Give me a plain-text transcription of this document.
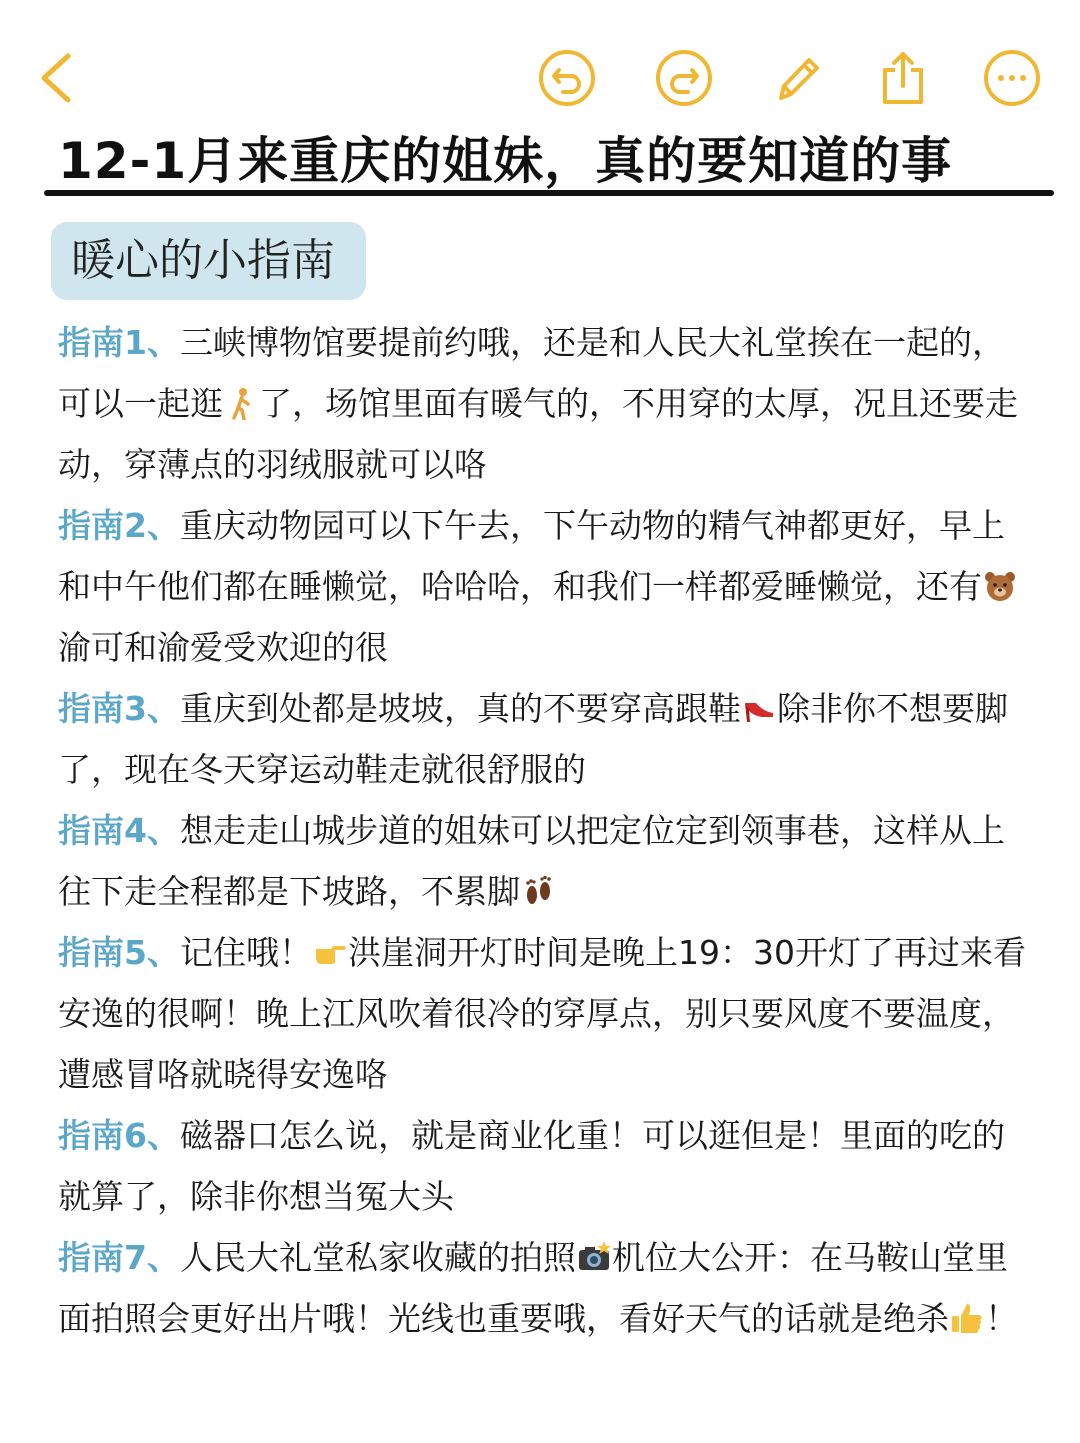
12-1月来重庆的姐妹，真的要知道的事
暖心的小指南
指南1、三峡博物馆要提前约哦，还是和人民大礼堂挨在一起的，可以一起逛 了，场馆里面有暖气的，不用穿的太厚，况且还要走动，穿薄点的羽绒服就可以咯
指南2、重庆动物园可以下午去，下午动物的精气神都更好，早上和中午他们都在睡懒觉，哈哈哈，和我们一样都爱睡懒觉，还有
渝可和渝爱受欢迎的很
指南3、重庆到处都是坡坡，真的不要穿高跟鞋 除非你不想要脚了，现在冬天穿运动鞋走就很舒服的
指南4、想走走山城步道的姐妹可以把定位定到领事巷，这样从上往下走全程都是下坡路，不累脚
指南5、记住哦！ 洪崖洞开灯时间是晚上19：30开灯了再过来看安逸的很啊！晚上江风吹着很冷的穿厚点，别只要风度不要温度，遭感冒咯就晓得安逸咯
指南6、磁器口怎么说，就是商业化重！可以逛但是！里面的吃的就算了，除非你想当冤大头
指南7、人民大礼堂私家收藏的拍照 机位大公开：在马鞍山堂里面拍照会更好出片哦！光线也重要哦，看好天气的话就是绝杀 ！
